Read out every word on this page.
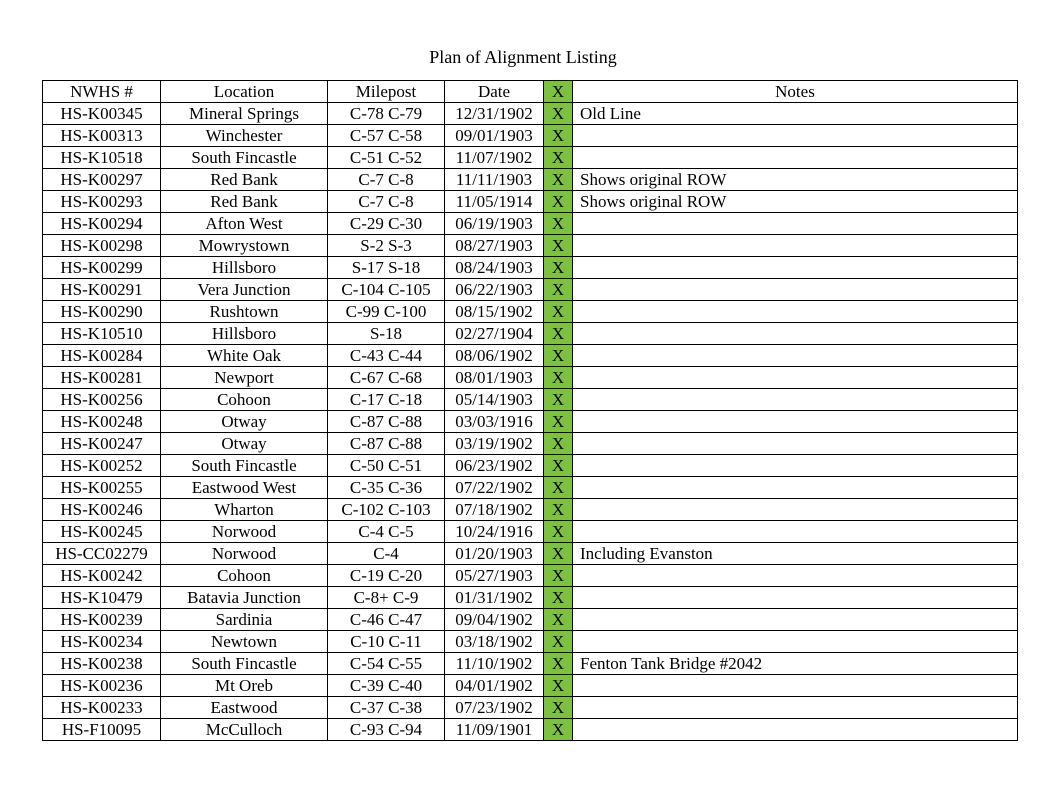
Plan of Alignment Listing
NWHS #	Location	Milepost	Date	X	Notes
HS-K00345	Mineral Springs	C-78 C-79	12/31/1902	X	Old Line
HS-K00313	Winchester	C-57 C-58	09/01/1903	X	
HS-K10518	South Fincastle	C-51 C-52	11/07/1902	X	
HS-K00297	Red Bank	C-7 C-8	11/11/1903	X	Shows original ROW
HS-K00293	Red Bank	C-7 C-8	11/05/1914	X	Shows original ROW
HS-K00294	Afton West	C-29 C-30	06/19/1903	X	
HS-K00298	Mowrystown	S-2 S-3	08/27/1903	X	
HS-K00299	Hillsboro	S-17 S-18	08/24/1903	X	
HS-K00291	Vera Junction	C-104 C-105	06/22/1903	X	
HS-K00290	Rushtown	C-99 C-100	08/15/1902	X	
HS-K10510	Hillsboro	S-18	02/27/1904	X	
HS-K00284	White Oak	C-43 C-44	08/06/1902	X	
HS-K00281	Newport	C-67 C-68	08/01/1903	X	
HS-K00256	Cohoon	C-17 C-18	05/14/1903	X	
HS-K00248	Otway	C-87 C-88	03/03/1916	X	
HS-K00247	Otway	C-87 C-88	03/19/1902	X	
HS-K00252	South Fincastle	C-50 C-51	06/23/1902	X	
HS-K00255	Eastwood West	C-35 C-36	07/22/1902	X	
HS-K00246	Wharton	C-102 C-103	07/18/1902	X	
HS-K00245	Norwood	C-4 C-5	10/24/1916	X	
HS-CC02279	Norwood	C-4	01/20/1903	X	Including Evanston
HS-K00242	Cohoon	C-19 C-20	05/27/1903	X	
HS-K10479	Batavia Junction	C-8+ C-9	01/31/1902	X	
HS-K00239	Sardinia	C-46 C-47	09/04/1902	X	
HS-K00234	Newtown	C-10 C-11	03/18/1902	X	
HS-K00238	South Fincastle	C-54 C-55	11/10/1902	X	Fenton Tank Bridge #2042
HS-K00236	Mt Oreb	C-39 C-40	04/01/1902	X	
HS-K00233	Eastwood	C-37 C-38	07/23/1902	X	
HS-F10095	McCulloch	C-93 C-94	11/09/1901	X	
